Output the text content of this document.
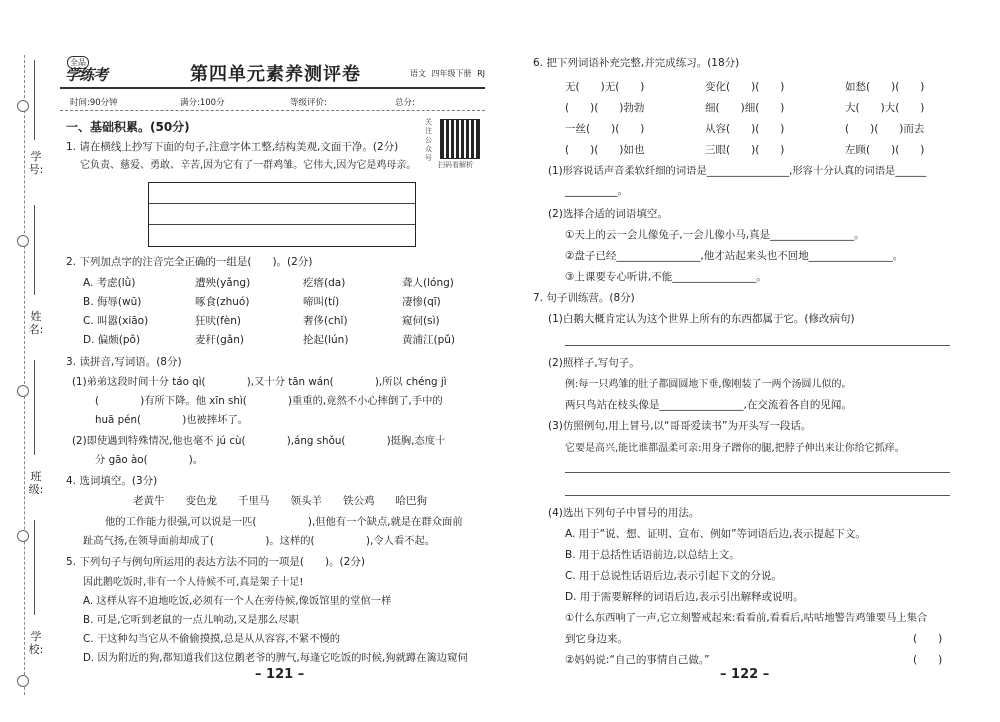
学号:
姓名:
班级:
学校:
全品
学练考	第四单元素养测评卷	语文 四年级下册 RJ
时间:90分钟	满分:100分	等级评价:	总分:
关注公众号
扫码看解析
一、基础积累。(50分)
1. 请在横线上抄写下面的句子,注意字体工整,结构美观,文面干净。(2分)
它负责、慈爱、勇敢、辛苦,因为它有了一群鸡雏。它伟大,因为它是鸡母亲。
2. 下列加点字的注音完全正确的一组是(　　)。(2分)
A. 考虑(lǜ)	遭殃(yǎng)	疙瘩(da)	聋人(lóng)
B. 侮辱(wū)	啄食(zhuó)	啼叫(tí)	凄惨(qī)
C. 叫嚣(xiāo)	狂吠(fèn)	奢侈(chǐ)	窥伺(sì)
D. 偏颇(pǒ)	麦秆(gǎn)	抡起(lún)	黄浦江(pǔ)
3. 读拼音,写词语。(8分)
(1)弟弟这段时间十分 táo qì(　　　　),又十分 tān wán(　　　　),所以 chéng jì
(　　　　)有所下降。他 xīn shì(　　　　)重重的,竟然不小心摔倒了,手中的
huā pén(　　　　)也被摔坏了。
(2)即使遇到特殊情况,他也毫不 jú cù(　　　　),áng shǒu(　　　　)挺胸,态度十
分 gāo ào(　　　　)。
4. 选词填空。(3分)
老黄牛　　变色龙　　千里马　　领头羊　　铁公鸡　　哈巴狗
他的工作能力很强,可以说是一匹(　　　　　),但他有一个缺点,就是在群众面前
趾高气扬,在领导面前却成了(　　　　　)。这样的(　　　　　),令人看不起。
5. 下列句子与例句所运用的表达方法不同的一项是(　　)。(2分)
因此鹅吃饭时,非有一个人侍候不可,真是架子十足!
A. 这样从容不迫地吃饭,必须有一个人在旁侍候,像饭馆里的堂倌一样
B. 可是,它听到老鼠的一点儿响动,又是那么尽职
C. 干这种勾当它从不偷偷摸摸,总是从从容容,不紧不慢的
D. 因为附近的狗,都知道我们这位鹅老爷的脾气,每逢它吃饭的时候,狗就蹲在篱边窥伺
– 121 –
6. 把下列词语补充完整,并完成练习。(18分)
无(　　)无(　　)	变化(　　)(　　)	如愁(　　)(　　)
(　　)(　　)勃勃	细(　　)细(　　)	大(　　)大(　　)
一丝(　　)(　　)	从容(　　)(　　)	(　　)(　　)而去
(　　)(　　)如也	三眼(　　)(　　)	左顾(　　)(　　)
(1)形容说话声音柔软纤细的词语是________________,形容十分认真的词语是______
__________。
(2)选择合适的词语填空。
①天上的云一会儿像兔子,一会儿像小马,真是________________。
②盘子已经________________,他才站起来头也不回地________________。
③上课要专心听讲,不能________________。
7. 句子训练营。(8分)
(1)白鹅大概肯定认为这个世界上所有的东西都属于它。(修改病句)
(2)照样子,写句子。
例:每一只鸡雏的肚子都圆圆地下垂,像刚装了一两个汤圆儿似的。
两只鸟站在枝头像是________________,在交流着各自的见闻。
(3)仿照例句,用上冒号,以“哥哥爱读书”为开头写一段话。
它要是高兴,能比谁都温柔可亲:用身子蹭你的腿,把脖子伸出来让你给它抓痒。
(4)选出下列句子中冒号的用法。
A. 用于“说、想、证明、宣布、例如”等词语后边,表示提起下文。
B. 用于总括性话语前边,以总结上文。
C. 用于总说性话语后边,表示引起下文的分说。
D. 用于需要解释的词语后边,表示引出解释或说明。
①什么东西响了一声,它立刻警戒起来:看看前,看看后,咕咕地警告鸡雏要马上集合
到它身边来。	(　　)
②妈妈说:“自己的事情自己做。”	(　　)
– 122 –
